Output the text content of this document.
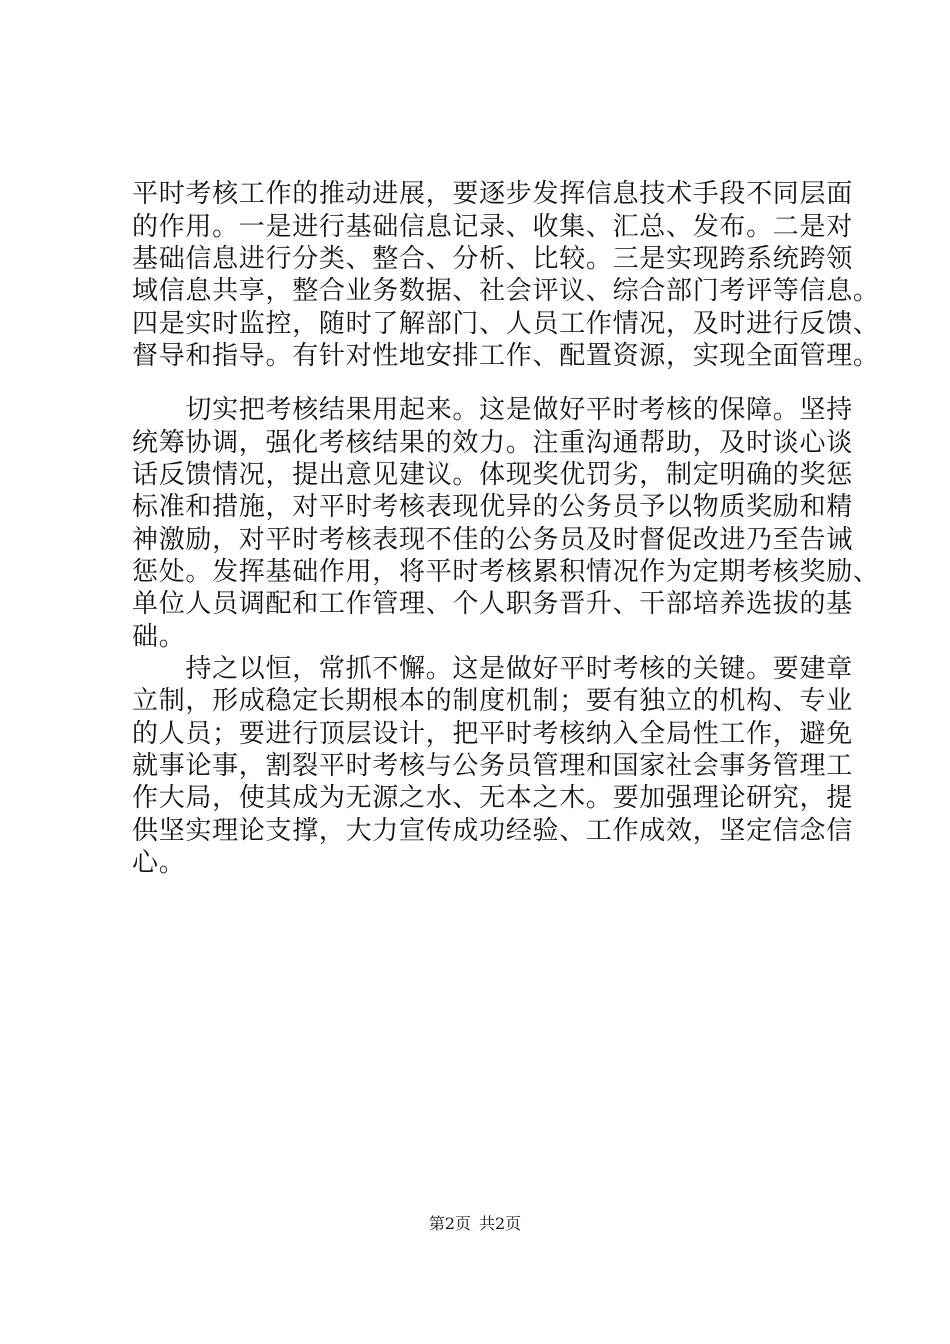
平时考核工作的推动进展，要逐步发挥信息技术手段不同层面
的作用。一是进行基础信息记录、收集、汇总、发布。二是对
基础信息进行分类、整合、分析、比较。三是实现跨系统跨领
域信息共享，整合业务数据、社会评议、综合部门考评等信息。
四是实时监控，随时了解部门、人员工作情况，及时进行反馈、
督导和指导。有针对性地安排工作、配置资源，实现全面管理。
　　切实把考核结果用起来。这是做好平时考核的保障。坚持
统筹协调，强化考核结果的效力。注重沟通帮助，及时谈心谈
话反馈情况，提出意见建议。体现奖优罚劣，制定明确的奖惩
标准和措施，对平时考核表现优异的公务员予以物质奖励和精
神激励，对平时考核表现不佳的公务员及时督促改进乃至告诫
惩处。发挥基础作用，将平时考核累积情况作为定期考核奖励、
单位人员调配和工作管理、个人职务晋升、干部培养选拔的基
础。
　　持之以恒，常抓不懈。这是做好平时考核的关键。要建章
立制，形成稳定长期根本的制度机制；要有独立的机构、专业
的人员；要进行顶层设计，把平时考核纳入全局性工作，避免
就事论事，割裂平时考核与公务员管理和国家社会事务管理工
作大局，使其成为无源之水、无本之木。要加强理论研究，提
供坚实理论支撑，大力宣传成功经验、工作成效，坚定信念信
心。
第2页 共2页
